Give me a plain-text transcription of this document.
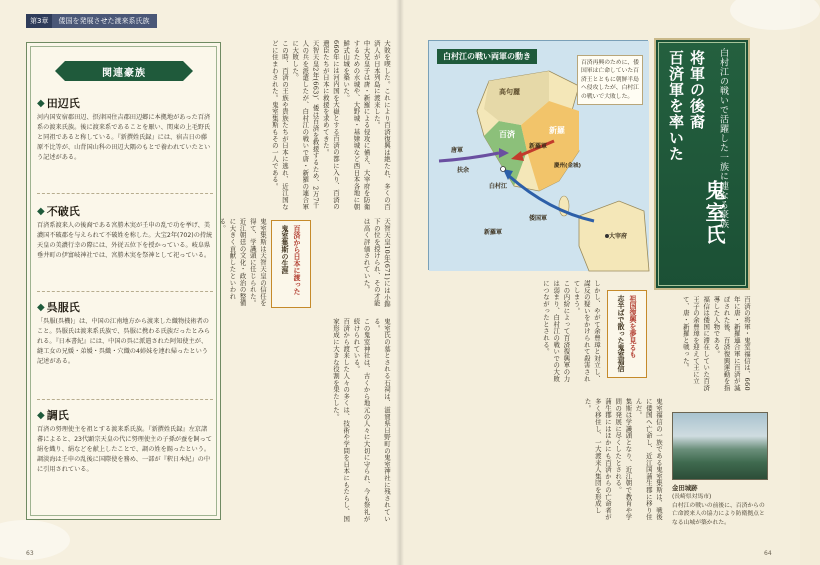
第3章	倭国を発展させた渡来系氏族
関連豪族
◆ 田辺氏
河内国安宿郡田辺、摂津国住吉郡田辺郷に本拠地があった百済系の渡来氏族。後に渡来系であることを厭い、関東の上毛野氏と同祖であると称している。『新撰姓氏録』には、宿吉日の藤原不比等が、山背国山科の田辺大隅のもとで養われていたという記述がある。
◆ 不破氏
百済系渡来人の後裔である宮勝木実が壬申の乱で功を挙げ、美濃国不破郡を与えられて不破姓を称した。大宝2年(702)の持統天皇の美濃行幸の際には、外従五位下を授かっている。岐阜県垂井町の伊富岐神社では、宮勝木実を祭神として祀っている。
◆ 呉服氏
「呉服(呉機)」は、中国の江南地方から渡来した織物技術者のこと。呉服氏は渡来系氏族で、呉服に携わる氏族だったとみられる。『日本書紀』には、中国の呉に派遣された阿知使主が、縫工女の兄媛・弟媛・呉織・穴織の4姉妹を連れ帰ったという記述がある。
◆ 調氏
百済の努理使主を祖とする渡来系氏族。『新撰姓氏録』左京諸蕃によると、23代顕宗天皇の代に努理使主の子孫が蚕を飼って絹を織り、絹などを献上したことで、調の姓を賜ったという。調淡海は壬申の乱後に国際使を務め、一部が『釈日本紀』の中に引用されている。

大敗を喫した。これにより百済復興は絶たれ、多くの百済人が日本列島に渡来した。

中大兄皇子は唐・新羅による侵攻に備え、大宰府を防衛するための水城や、大野城・基肄城など西日本各地に朝鮮式山城を築いた。

660年には河内国を大嶽とする百済の都に入り、百済の遺臣たちが日本に救援を求めてきた。

天智天皇2年(663)、倭は百済を救援するため、2万7千人の兵を派遣したが、白村江の戦いで唐・新羅の連合軍に大敗した。

この時、百済の王族や貴族たちが日本に逃れ、近江国などに住まわされた。鬼室集斯もその一人である。

百済から日本に渡った
鬼室集斯の生涯

鬼室集斯は天智天皇の信任を得て、学識頭に任じられた。近江朝廷の文化・政治の整備に大きく貢献したといわれる。	天智天皇10年(671)には小錦下の位を授けられ、その才能は高く評価されていた。

鬼室氏の墓とされる石祠は、滋賀県日野町の鬼室神社に残されている。

この鬼室神社は、古くから地元の人々に大切に守られ、今も祭礼が続けられている。

百済から渡来した人々の多くは、技術や学問を日本にもたらし、国家形成に大きな役割を果たした。

63
白村江の戦い両軍の動き
百済再興のために、倭国軍は亡命していた百済王とともに朝鮮半島へ侵攻したが、白村江の戦いで大敗した。
高句麗
百済	新羅
唐軍
扶余
白村江
新羅軍
慶州(金城)
倭国軍
新羅軍
大宰府
百済軍を率いた 将軍の後裔 白村江の戦いで活躍した一族に連なる豪族
鬼室氏

百済の将軍・鬼室福信は、660年に唐・新羅連合軍に百済が滅ぼされた後、百済復興運動を指導した人物である。

福信は倭国に滞在していた百済王子の余豊璋を迎えて王に立て、唐・新羅と戦った。

祖国復興を夢見るも
志半ばで散った鬼室福信

しかし、やがて余豊璋と対立し、謀反の疑いをかけられて殺害されてしまう。

この内紛によって百済復興軍の力は弱まり、白村江の戦いでの大敗につながったとされる。

鬼室福信の一族である鬼室集斯は、戦後に倭国へ亡命し、近江国蒲生郡に移り住んだ。

集斯は学識頭となり、近江朝で教育や学問の発展に尽くしたとされる。

蒲生郡にはほかにも百済からの亡命者が多く移住し、一大渡来人集団を形成した。

金田城跡
(長崎県対馬市)
白村江の戦いの前後に、百済からの亡命渡来人の協力により防衛拠点となる山城が築かれた。
64
